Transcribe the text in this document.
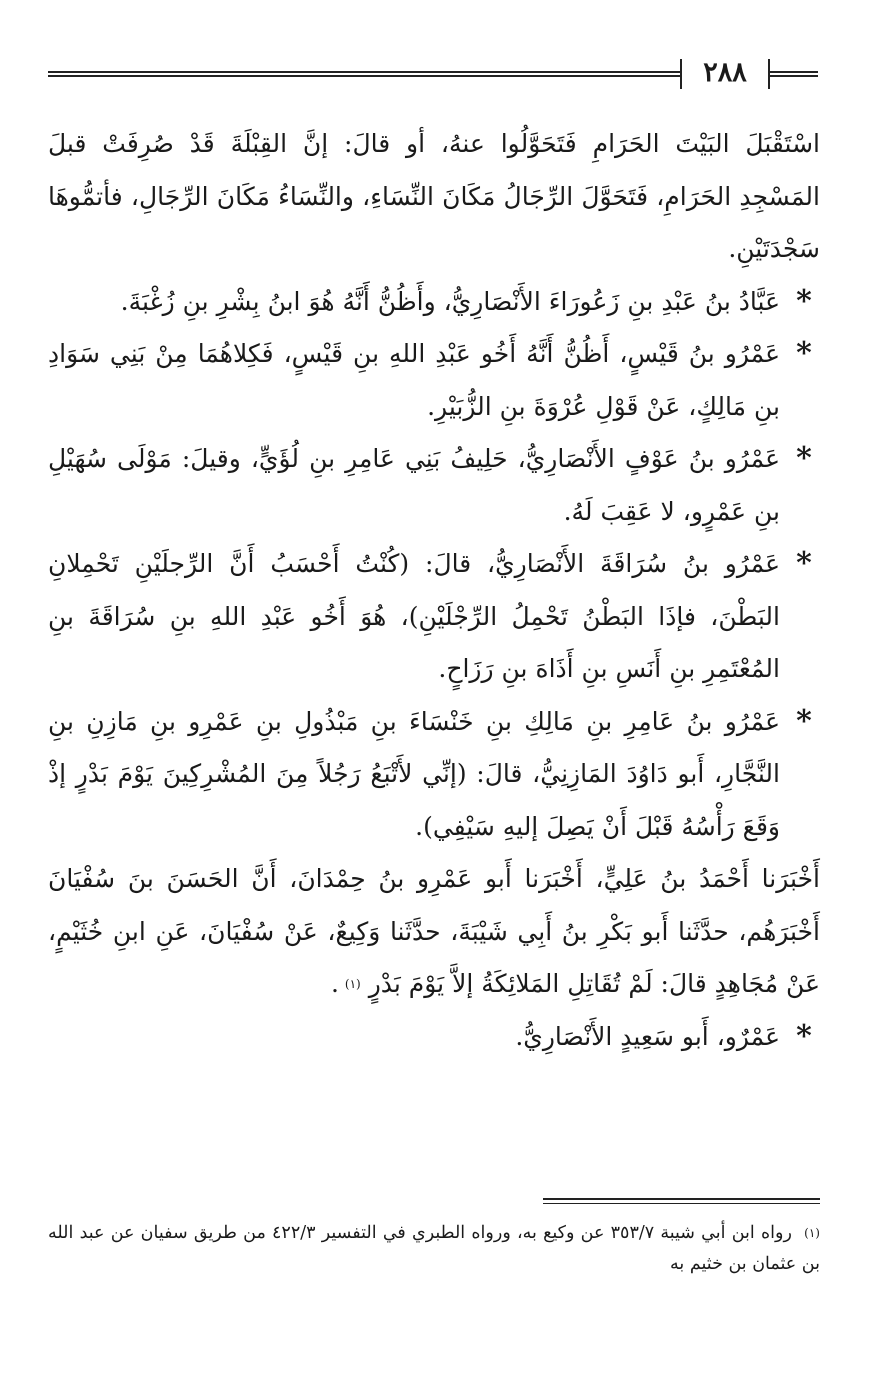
٢٨٨

اسْتَقْبَلَ البَيْتَ الحَرَامِ فَتَحَوَّلُوا عنهُ، أو قالَ: إنَّ القِبْلَةَ قَدْ صُرِفَتْ قبلَ المَسْجِدِ الحَرَامِ، فَتَحَوَّلَ الرِّجَالُ مَكَانَ النِّسَاءِ، والنِّسَاءُ مَكَانَ الرِّجَالِ، فأتمُّوهَا سَجْدَتَيْنِ.

*
عَبَّادُ بنُ عَبْدِ بنِ زَعُورَاءَ الأَنْصَارِيُّ، وأَظُنُّ أَنَّهُ هُوَ ابنُ بِشْرِ بنِ زُغْبَةَ.

*
عَمْرُو بنُ قَيْسٍ، أَظُنُّ أَنَّهُ أَخُو عَبْدِ اللهِ بنِ قَيْسٍ، فَكِلاهُمَا مِنْ بَنِي سَوَادِ بنِ مَالِكٍ، عَنْ قَوْلِ عُرْوَةَ بنِ الزُّبَيْرِ.

*
عَمْرُو بنُ عَوْفٍ الأَنْصَارِيُّ، حَلِيفُ بَنِي عَامِرِ بنِ لُؤَيٍّ، وقيلَ: مَوْلَى سُهَيْلِ بنِ عَمْرٍو، لا عَقِبَ لَهُ.

*
عَمْرُو بنُ سُرَاقَةَ الأَنْصَارِيُّ، قالَ: (كُنْتُ أَحْسَبُ أَنَّ الرِّجلَيْنِ تَحْمِلانِ البَطْنَ، فإذَا البَطْنُ تَحْمِلُ الرِّجْلَيْنِ)، هُوَ أَخُو عَبْدِ اللهِ بنِ سُرَاقَةَ بنِ المُعْتَمِرِ بنِ أَنَسِ بنِ أَذَاهَ بنِ رَزَاحٍ.

*
عَمْرُو بنُ عَامِرِ بنِ مَالِكِ بنِ خَنْسَاءَ بنِ مَبْذُولِ بنِ عَمْرِو بنِ مَازِنِ بنِ النَّجَّارِ، أَبو دَاوُدَ المَازِنِيُّ، قالَ: (إنِّي لأَتْبَعُ رَجُلاً مِنَ المُشْرِكِينَ يَوْمَ بَدْرٍ إذْ وَقَعَ رَأْسُهُ قَبْلَ أَنْ يَصِلَ إليهِ سَيْفِي).

أَخْبَرَنا أَحْمَدُ بنُ عَلِيٍّ، أَخْبَرَنا أَبو عَمْرِو بنُ حِمْدَانَ، أَنَّ الحَسَنَ بنَ سُفْيَانَ أَخْبَرَهُم، حدَّثَنا أَبو بَكْرِ بنُ أَبِي شَيْبَةَ، حدَّثَنا وَكِيعٌ، عَنْ سُفْيَانَ، عَنِ ابنِ خُثَيْمٍ، عَنْ مُجَاهِدٍ قالَ: لَمْ تُقَاتِلِ المَلائِكَةُ إلاَّ يَوْمَ بَدْرٍ $^{(١)}$.

*
عَمْرٌو، أَبو سَعِيدٍ الأَنْصَارِيُّ.

$^{(١)}$ رواه ابن أبي شيبة ٣٥٣/٧ عن وكيع به، ورواه الطبري في التفسير ٤٢٢/٣ من طريق سفيان عن عبد الله بن عثمان بن خثيم به
